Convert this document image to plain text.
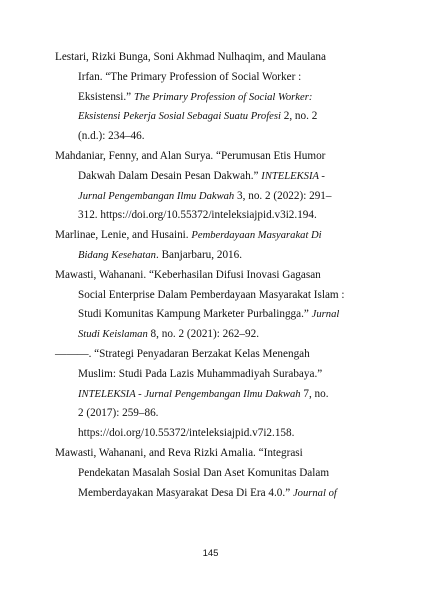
Lestari, Rizki Bunga, Soni Akhmad Nulhaqim, and Maulana
Irfan. “The Primary Profession of Social Worker :
Eksistensi.” The Primary Profession of Social Worker:
Eksistensi Pekerja Sosial Sebagai Suatu Profesi 2, no. 2
(n.d.): 234–46.
Mahdaniar, Fenny, and Alan Surya. “Perumusan Etis Humor
Dakwah Dalam Desain Pesan Dakwah.” INTELEKSIA -
Jurnal Pengembangan Ilmu Dakwah 3, no. 2 (2022): 291–
312. https://doi.org/10.55372/inteleksiajpid.v3i2.194.
Marlinae, Lenie, and Husaini. Pemberdayaan Masyarakat Di
Bidang Kesehatan. Banjarbaru, 2016.
Mawasti, Wahanani. “Keberhasilan Difusi Inovasi Gagasan
Social Enterprise Dalam Pemberdayaan Masyarakat Islam :
Studi Komunitas Kampung Marketer Purbalingga.” Jurnal
Studi Keislaman 8, no. 2 (2021): 262–92.
———. “Strategi Penyadaran Berzakat Kelas Menengah
Muslim: Studi Pada Lazis Muhammadiyah Surabaya.”
INTELEKSIA - Jurnal Pengembangan Ilmu Dakwah 7, no.
2 (2017): 259–86.
https://doi.org/10.55372/inteleksiajpid.v7i2.158.
Mawasti, Wahanani, and Reva Rizki Amalia. “Integrasi
Pendekatan Masalah Sosial Dan Aset Komunitas Dalam
Memberdayakan Masyarakat Desa Di Era 4.0.” Journal of
145
